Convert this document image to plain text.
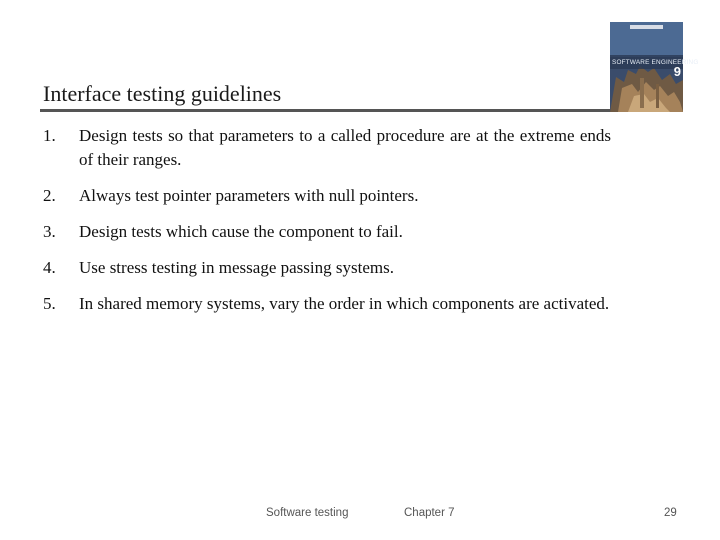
Interface testing guidelines
SOFTWARE ENGINEERING
9
1.	Design tests so that parameters to a called procedure are at the extreme ends of their ranges.
2.	Always test pointer parameters with null pointers.
3.	Design tests which cause the component to fail.
4.	Use stress testing in message passing systems.
5.	In shared memory systems, vary the order in which components are activated.
Software testing	Chapter 7	29
